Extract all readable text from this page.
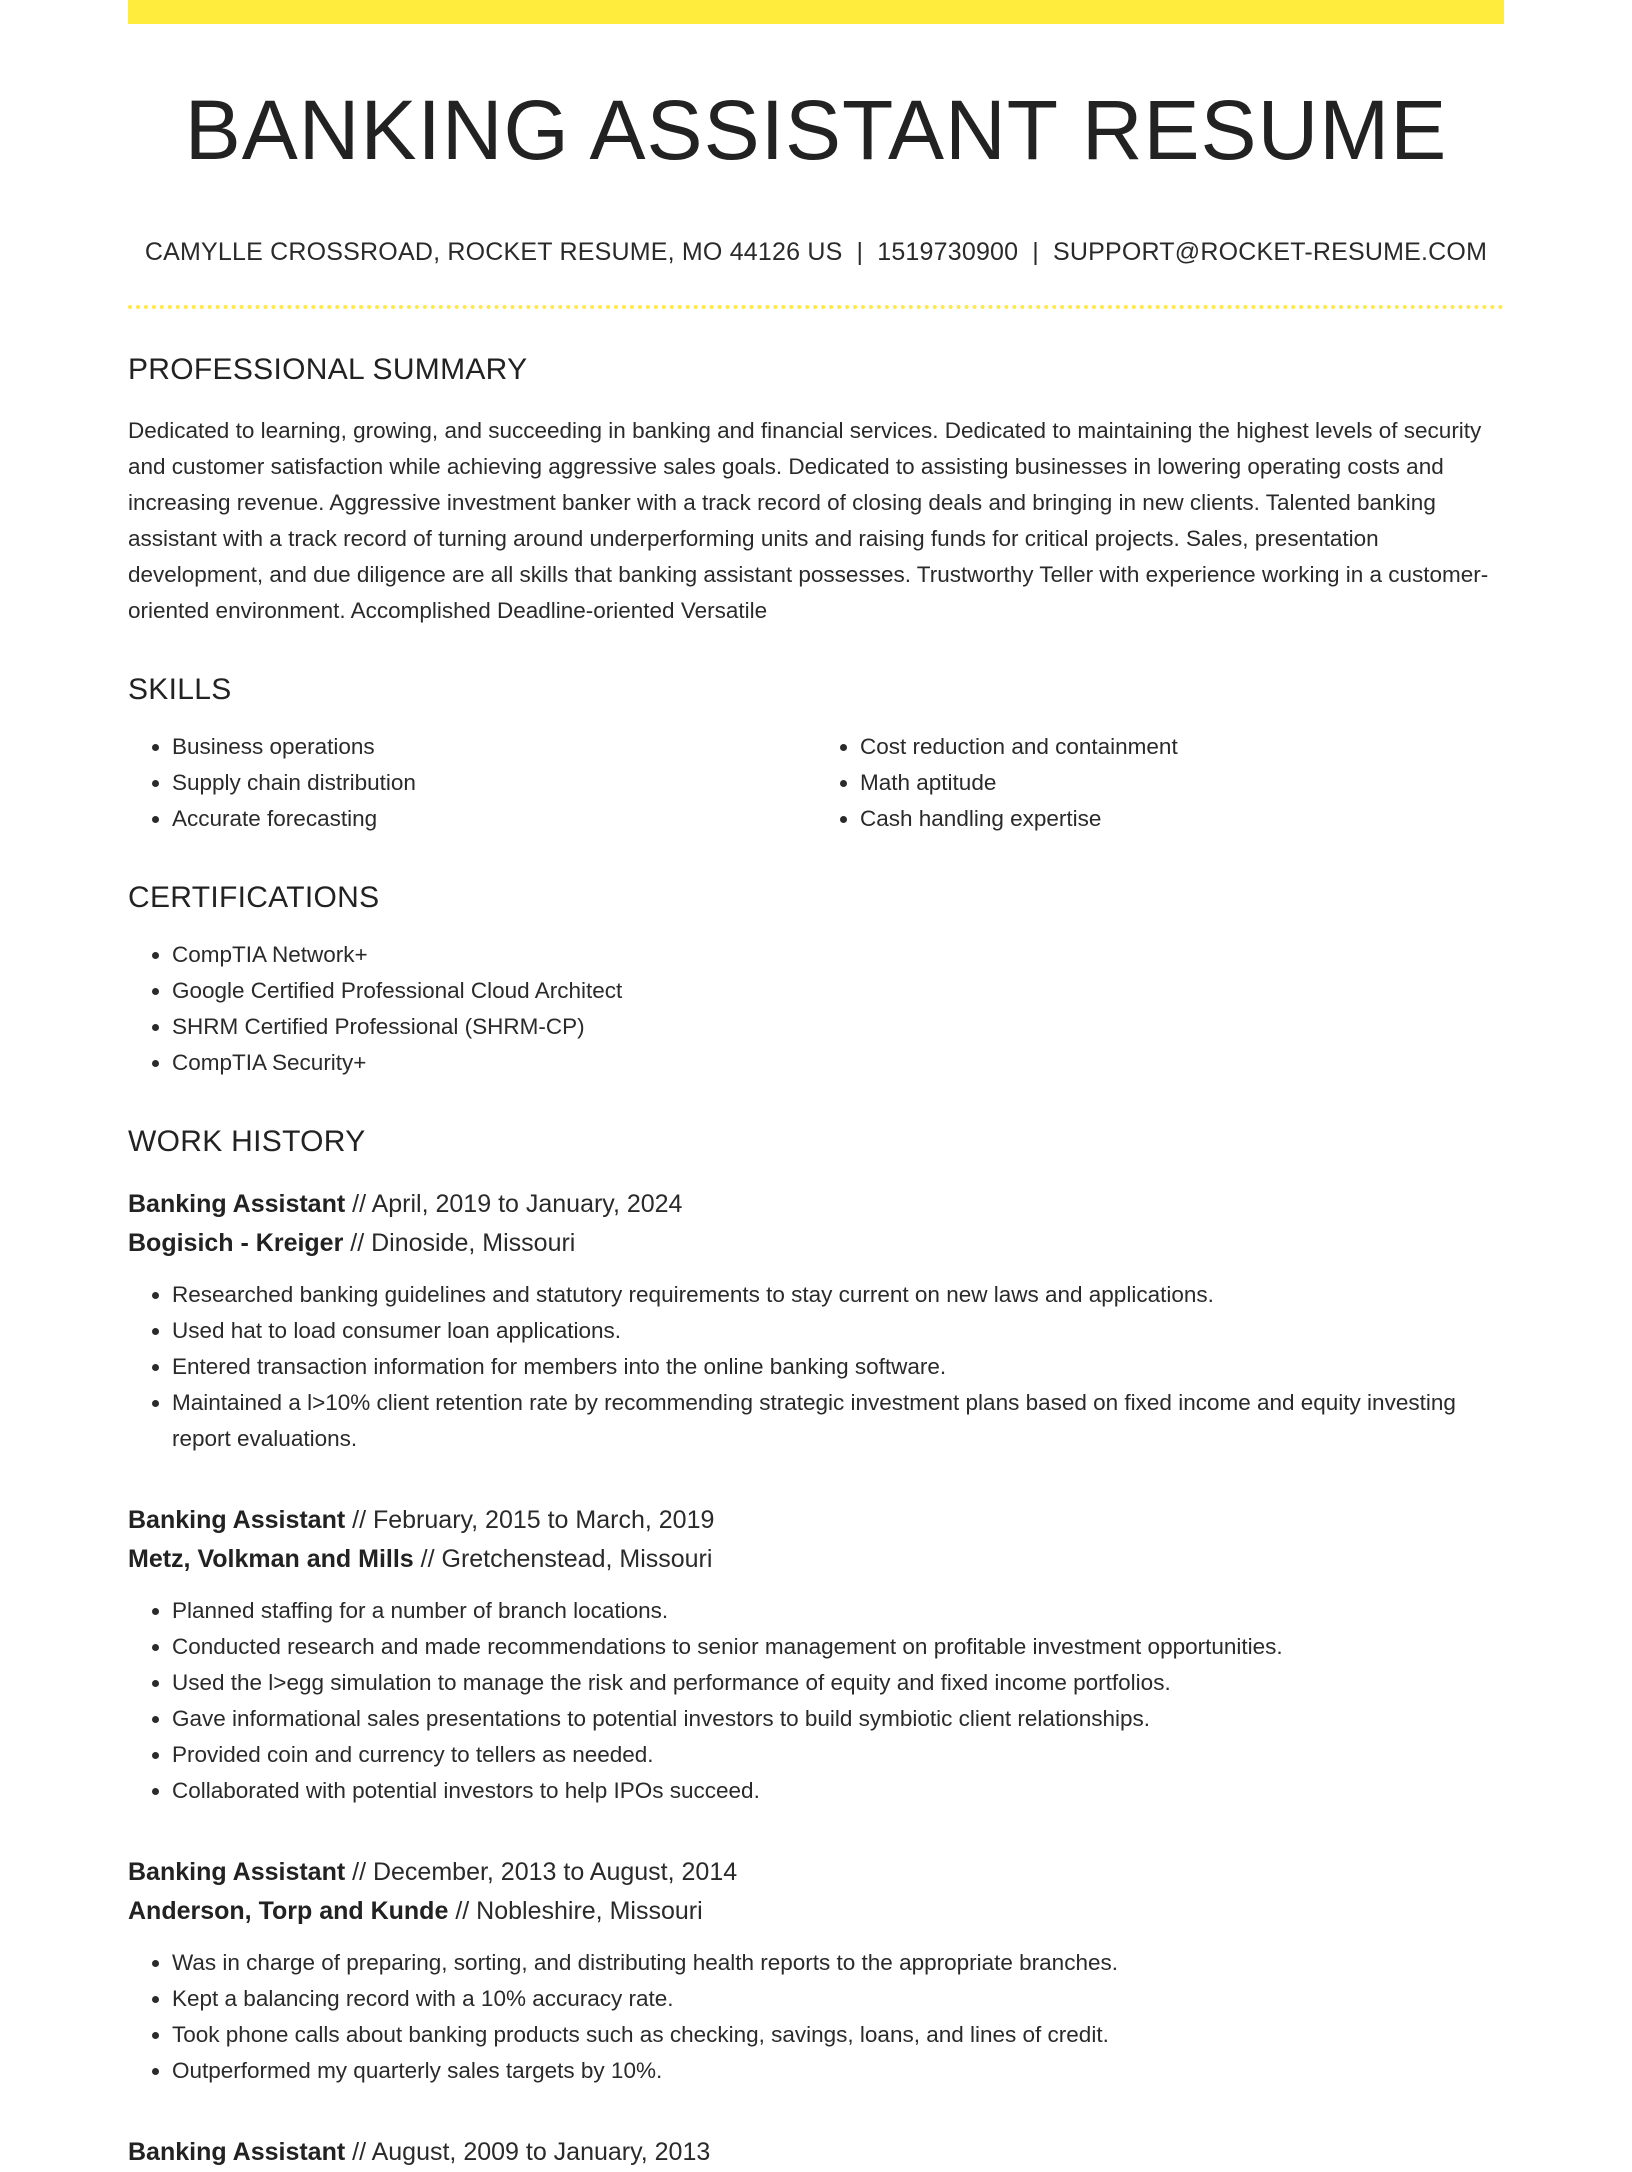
BANKING ASSISTANT RESUME
CAMYLLE CROSSROAD, ROCKET RESUME, MO 44126 US | 1519730900 | SUPPORT@ROCKET-RESUME.COM
PROFESSIONAL SUMMARY
Dedicated to learning, growing, and succeeding in banking and financial services. Dedicated to maintaining the highest levels of security and customer satisfaction while achieving aggressive sales goals. Dedicated to assisting businesses in lowering operating costs and increasing revenue. Aggressive investment banker with a track record of closing deals and bringing in new clients. Talented banking assistant with a track record of turning around underperforming units and raising funds for critical projects. Sales, presentation development, and due diligence are all skills that banking assistant possesses. Trustworthy Teller with experience working in a customer-oriented environment. Accomplished Deadline-oriented Versatile
SKILLS
• Business operations
• Supply chain distribution
• Accurate forecasting
• Cost reduction and containment
• Math aptitude
• Cash handling expertise
CERTIFICATIONS
• CompTIA Network+
• Google Certified Professional Cloud Architect
• SHRM Certified Professional (SHRM-CP)
• CompTIA Security+
WORK HISTORY
Banking Assistant // April, 2019 to January, 2024
Bogisich - Kreiger // Dinoside, Missouri
• Researched banking guidelines and statutory requirements to stay current on new laws and applications.
• Used hat to load consumer loan applications.
• Entered transaction information for members into the online banking software.
• Maintained a l>10% client retention rate by recommending strategic investment plans based on fixed income and equity investing report evaluations.
Banking Assistant // February, 2015 to March, 2019
Metz, Volkman and Mills // Gretchenstead, Missouri
• Planned staffing for a number of branch locations.
• Conducted research and made recommendations to senior management on profitable investment opportunities.
• Used the l>egg simulation to manage the risk and performance of equity and fixed income portfolios.
• Gave informational sales presentations to potential investors to build symbiotic client relationships.
• Provided coin and currency to tellers as needed.
• Collaborated with potential investors to help IPOs succeed.
Banking Assistant // December, 2013 to August, 2014
Anderson, Torp and Kunde // Nobleshire, Missouri
• Was in charge of preparing, sorting, and distributing health reports to the appropriate branches.
• Kept a balancing record with a 10% accuracy rate.
• Took phone calls about banking products such as checking, savings, loans, and lines of credit.
• Outperformed my quarterly sales targets by 10%.
Banking Assistant // August, 2009 to January, 2013
